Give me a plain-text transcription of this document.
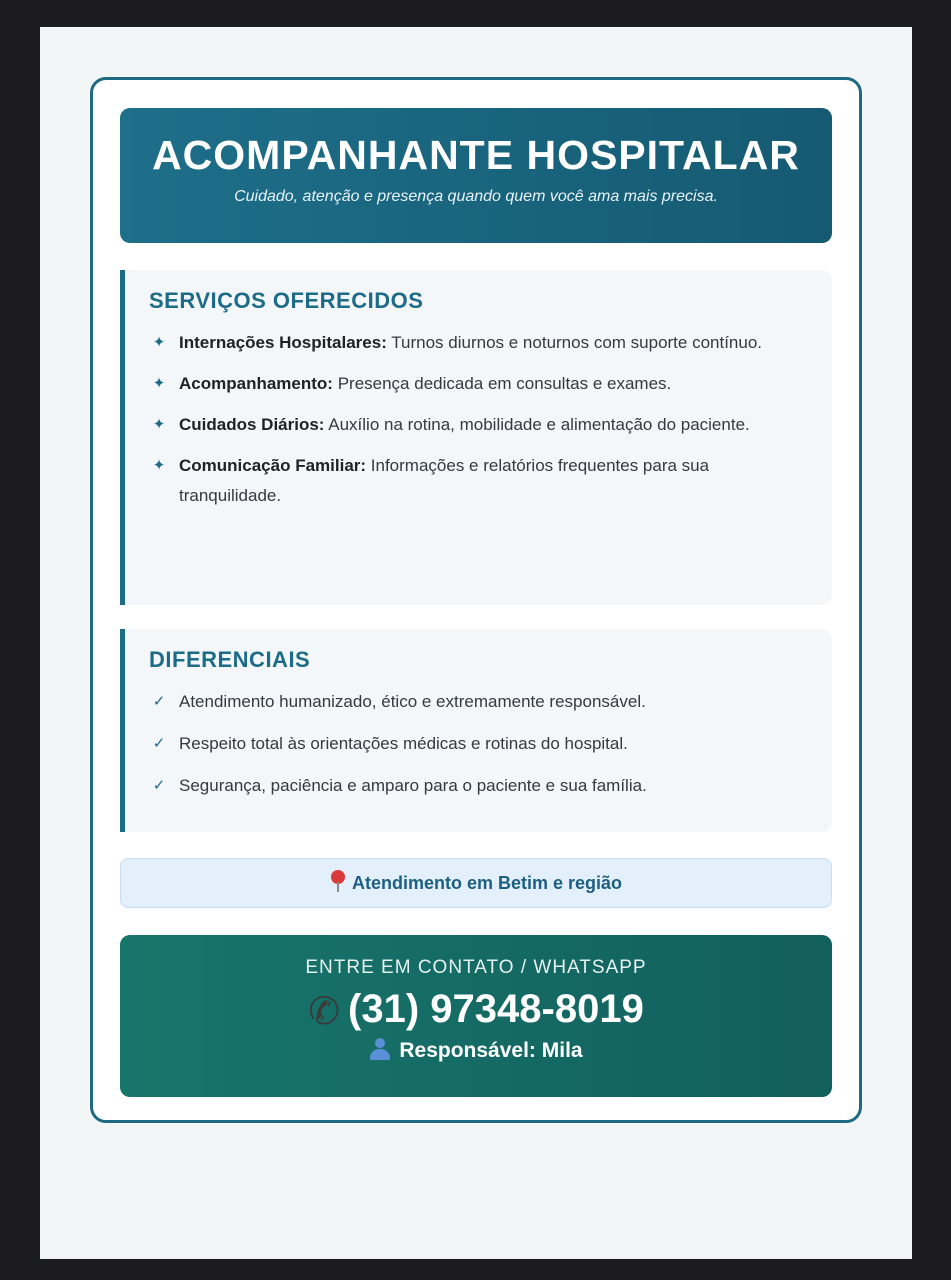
ACOMPANHANTE HOSPITALAR
Cuidado, atenção e presença quando quem você ama mais precisa.
SERVIÇOS OFERECIDOS
✦ Internações Hospitalares: Turnos diurnos e noturnos com suporte contínuo.
✦ Acompanhamento: Presença dedicada em consultas e exames.
✦ Cuidados Diários: Auxílio na rotina, mobilidade e alimentação do paciente.
✦ Comunicação Familiar: Informações e relatórios frequentes para sua tranquilidade.
DIFERENCIAIS
✓ Atendimento humanizado, ético e extremamente responsável.
✓ Respeito total às orientações médicas e rotinas do hospital.
✓ Segurança, paciência e amparo para o paciente e sua família.
Atendimento em Betim e região
ENTRE EM CONTATO / WHATSAPP
✆ (31) 97348-8019
Responsável: Mila
